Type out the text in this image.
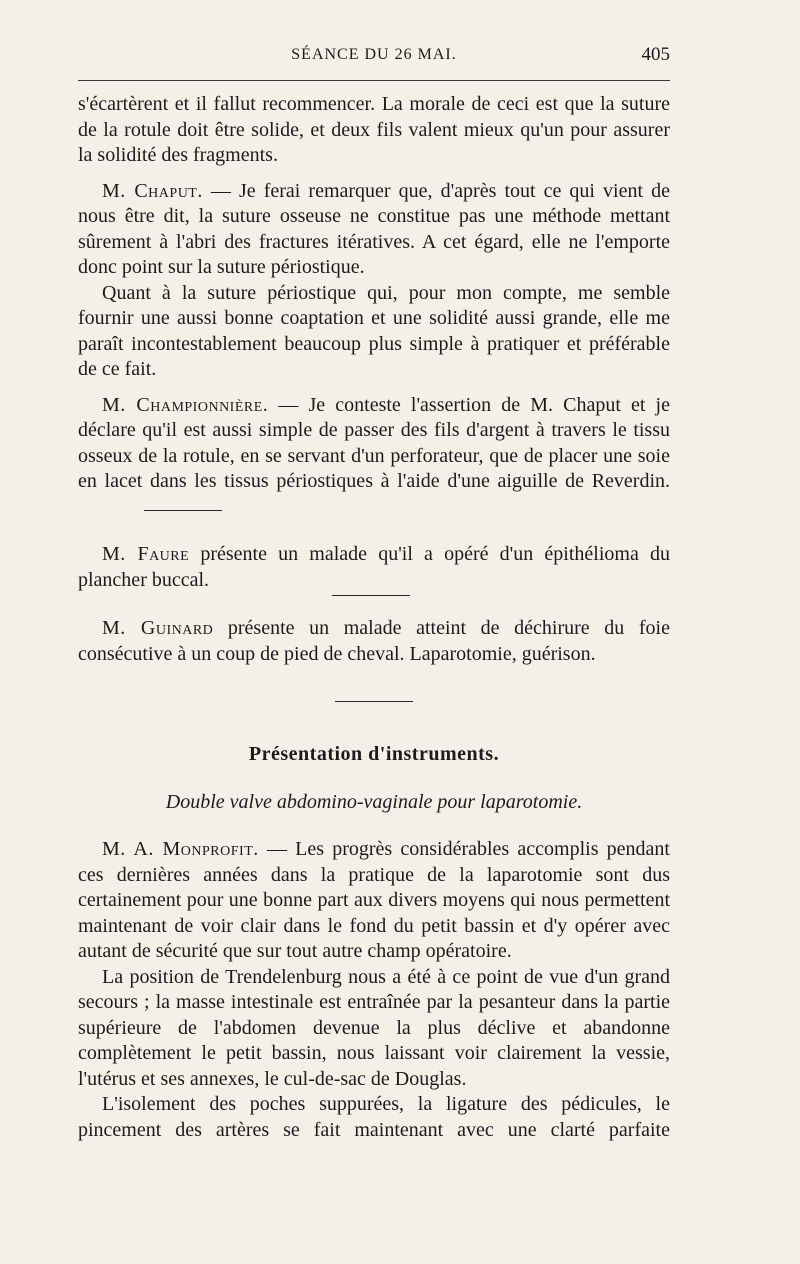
SÉANCE DU 26 MAI.	405

s'écartèrent et il fallut recommencer. La morale de ceci est que la suture de la rotule doit être solide, et deux fils valent mieux qu'un pour assurer la solidité des fragments.

M. Chaput. — Je ferai remarquer que, d'après tout ce qui vient de nous être dit, la suture osseuse ne constitue pas une méthode mettant sûrement à l'abri des fractures itératives. A cet égard, elle ne l'emporte donc point sur la suture périostique.

Quant à la suture périostique qui, pour mon compte, me semble fournir une aussi bonne coaptation et une solidité aussi grande, elle me paraît incontestablement beaucoup plus simple à pratiquer et préférable de ce fait.

M. Championnière. — Je conteste l'assertion de M. Chaput et je déclare qu'il est aussi simple de passer des fils d'argent à travers le tissu osseux de la rotule, en se servant d'un perforateur, que de placer une soie en lacet dans les tissus périostiques à l'aide d'une aiguille de Reverdin.

M. Faure présente un malade qu'il a opéré d'un épithélioma du plancher buccal.

M. Guinard présente un malade atteint de déchirure du foie consécutive à un coup de pied de cheval. Laparotomie, guérison.

Présentation d'instruments.

Double valve abdomino-vaginale pour laparotomie.

M. A. Monprofit. — Les progrès considérables accomplis pendant ces dernières années dans la pratique de la laparotomie sont dus certainement pour une bonne part aux divers moyens qui nous permettent maintenant de voir clair dans le fond du petit bassin et d'y opérer avec autant de sécurité que sur tout autre champ opératoire.

La position de Trendelenburg nous a été à ce point de vue d'un grand secours ; la masse intestinale est entraînée par la pesanteur dans la partie supérieure de l'abdomen devenue la plus déclive et abandonne complètement le petit bassin, nous laissant voir clairement la vessie, l'utérus et ses annexes, le cul-de-sac de Douglas.

L'isolement des poches suppurées, la ligature des pédicules, le pincement des artères se fait maintenant avec une clarté parfaite
